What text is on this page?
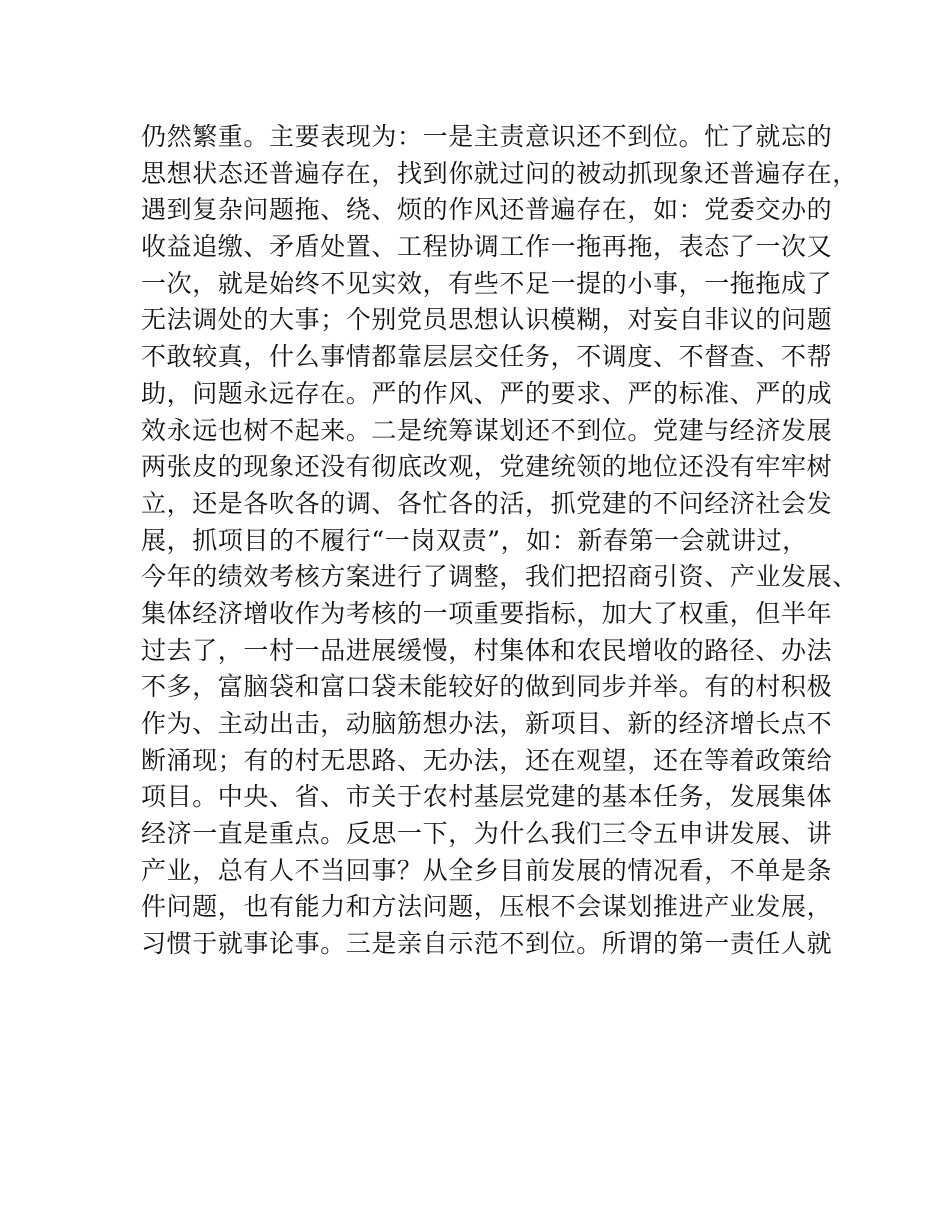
仍然繁重。主要表现为：一是主责意识还不到位。忙了就忘的
思想状态还普遍存在，找到你就过问的被动抓现象还普遍存在，
遇到复杂问题拖、绕、烦的作风还普遍存在，如：党委交办的
收益追缴、矛盾处置、工程协调工作一拖再拖，表态了一次又
一次，就是始终不见实效，有些不足一提的小事，一拖拖成了
无法调处的大事；个别党员思想认识模糊，对妄自非议的问题
不敢较真，什么事情都靠层层交任务，不调度、不督查、不帮
助，问题永远存在。严的作风、严的要求、严的标准、严的成
效永远也树不起来。二是统筹谋划还不到位。党建与经济发展
两张皮的现象还没有彻底改观，党建统领的地位还没有牢牢树
立，还是各吹各的调、各忙各的活，抓党建的不问经济社会发
展，抓项目的不履行“一岗双责”，如：新春第一会就讲过，
今年的绩效考核方案进行了调整，我们把招商引资、产业发展、
集体经济增收作为考核的一项重要指标，加大了权重，但半年
过去了，一村一品进展缓慢，村集体和农民增收的路径、办法
不多，富脑袋和富口袋未能较好的做到同步并举。有的村积极
作为、主动出击，动脑筋想办法，新项目、新的经济增长点不
断涌现；有的村无思路、无办法，还在观望，还在等着政策给
项目。中央、省、市关于农村基层党建的基本任务，发展集体
经济一直是重点。反思一下，为什么我们三令五申讲发展、讲
产业，总有人不当回事？从全乡目前发展的情况看，不单是条
件问题，也有能力和方法问题，压根不会谋划推进产业发展，
习惯于就事论事。三是亲自示范不到位。所谓的第一责任人就
